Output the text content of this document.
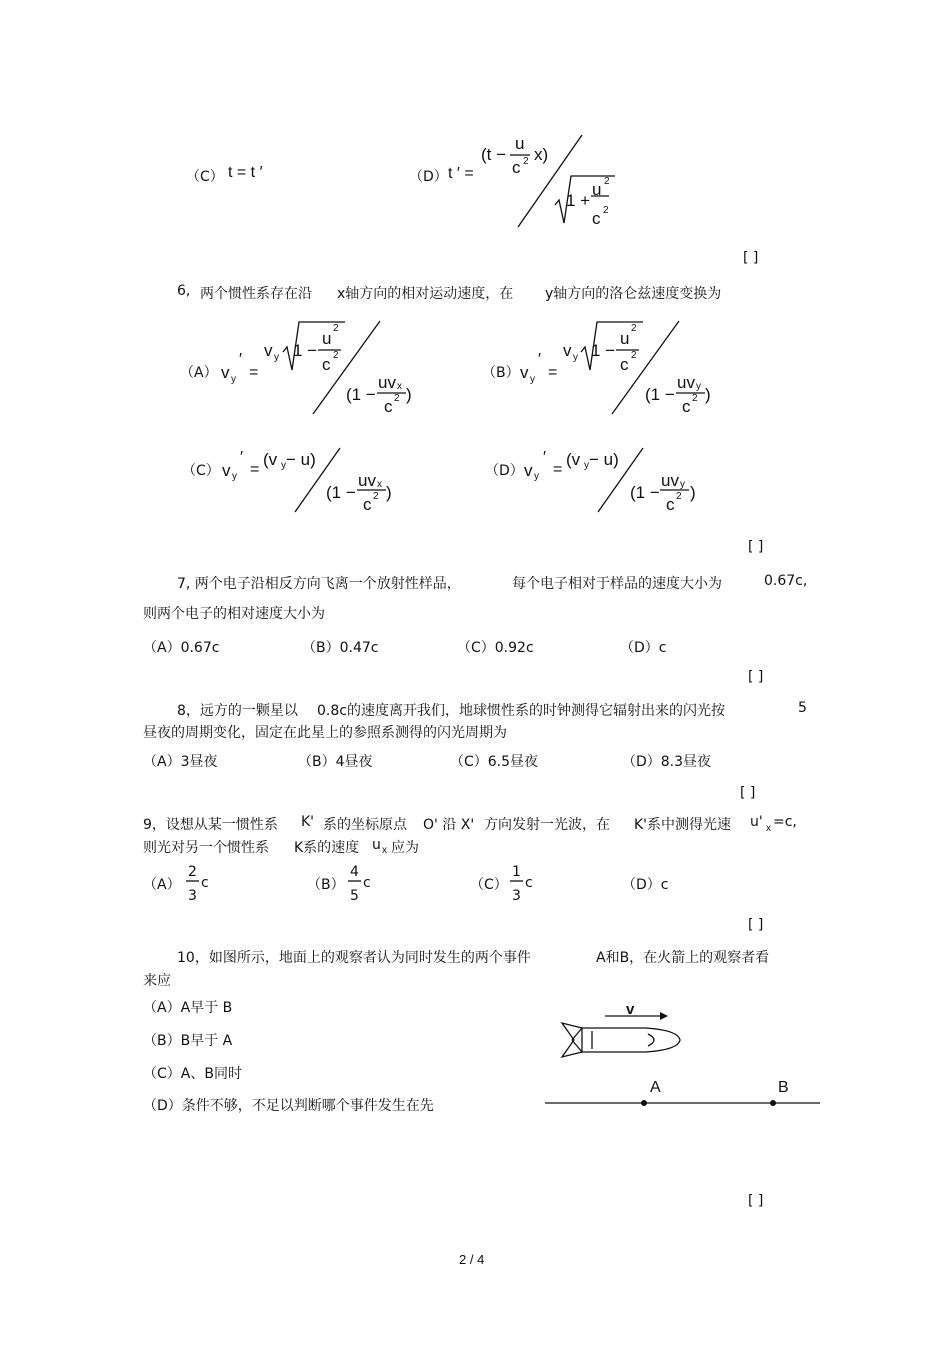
（C） t = t ′	（D） t ′ =
(t −
u
x)
c 2
1 +
u 2
c 2
[ ]
6, 两个惯性系存在沿 x轴方向的相对运动速度，在 y轴方向的洛仑兹速度变换为
（A） v y
′
=
v y 1 −
u
2
c 2
(1 −
uv x
c 2 )
（B） v y
′
=
v y 1 −
u
2
c 2
(1 −
uv y
c 2 )
（C） v y
′
=
(v y − u)
(1 −
uv x
c 2 )
（D） v y
′
=
(v y − u)
(1 −
uv y
c 2 )
[ ]
7, 两个电子沿相反方向飞离一个放射性样品，	每个电子相对于样品的速度大小为	0.67c,
则两个电子的相对速度大小为
（A）0.67c	（B）0.47c	（C）0.92c	（D）c
[ ]
8，远方的一颗星以 0.8c的速度离开我们，地球惯性系的时钟测得它辐射出来的闪光按	5
昼夜的周期变化，固定在此星上的参照系测得的闪光周期为
（A）3昼夜	（B）4昼夜	（C）6.5昼夜	（D）8.3昼夜
[ ]
9，设想从某一惯性系 K' 系的坐标原点 O' 沿 X' 方向发射一光波，在 K'系中测得光速 u' x =c,
则光对另一个惯性系 K系的速度 u x 应为
（A）
2
3
c	（B）
4
5
c	（C）
1
3
c	（D）c
[ ]
10，如图所示，地面上的观察者认为同时发生的两个事件	A和B，在火箭上的观察者看
来应
（A）A早于 B
（B）B早于 A
（C）A、B同时
（D）条件不够，不足以判断哪个事件发生在先
v
A	B
[ ]
2 / 4
